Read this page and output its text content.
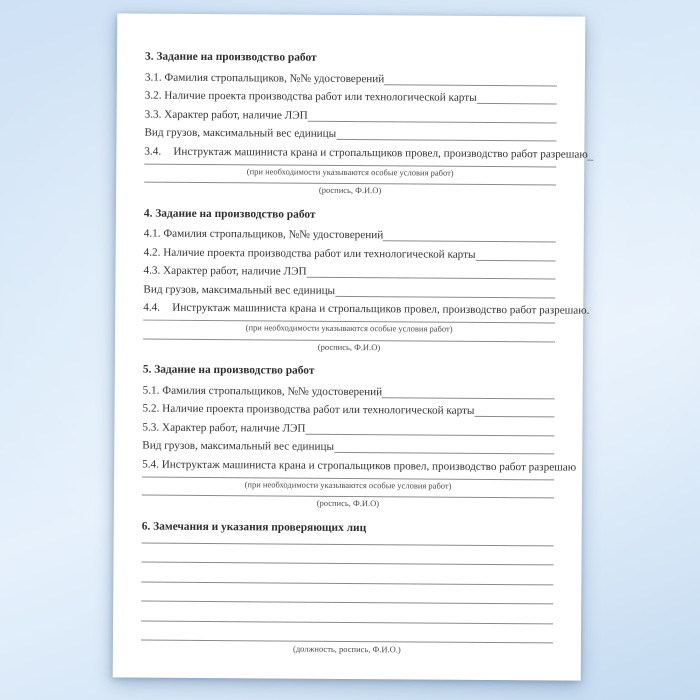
3. Задание на производство работ
3.1. Фамилия стропальщиков, №№ удостоверений
3.2. Наличие проекта производства работ или технологической карты
3.3. Характер работ, наличие ЛЭП
Вид грузов, максимальный вес единицы
3.4.	Инструктаж машиниста крана и стропальщиков провел, производство работ разрешаю
(при необходимости указываются особые условия работ)
(роспись, Ф.И.О)
4. Задание на производство работ
4.1. Фамилия стропальщиков, №№ удостоверений
4.2. Наличие проекта производства работ или технологической карты
4.3. Характер работ, наличие ЛЭП
Вид грузов, максимальный вес единицы
4.4.	Инструктаж машиниста крана и стропальщиков провел, производство работ разрешаю.
(при необходимости указываются особые условия работ)
(роспись, Ф.И.О)
5. Задание на производство работ
5.1. Фамилия стропальщиков, №№ удостоверений
5.2. Наличие проекта производства работ или технологической карты
5.3. Характер работ, наличие ЛЭП
Вид грузов, максимальный вес единицы
5.4. Инструктаж машиниста крана и стропальщиков провел, производство работ разрешаю
(при необходимости указываются особые условия работ)
(роспись, Ф.И.О)
6. Замечания и указания проверяющих лиц
(должность, роспись, Ф.И.О.)
